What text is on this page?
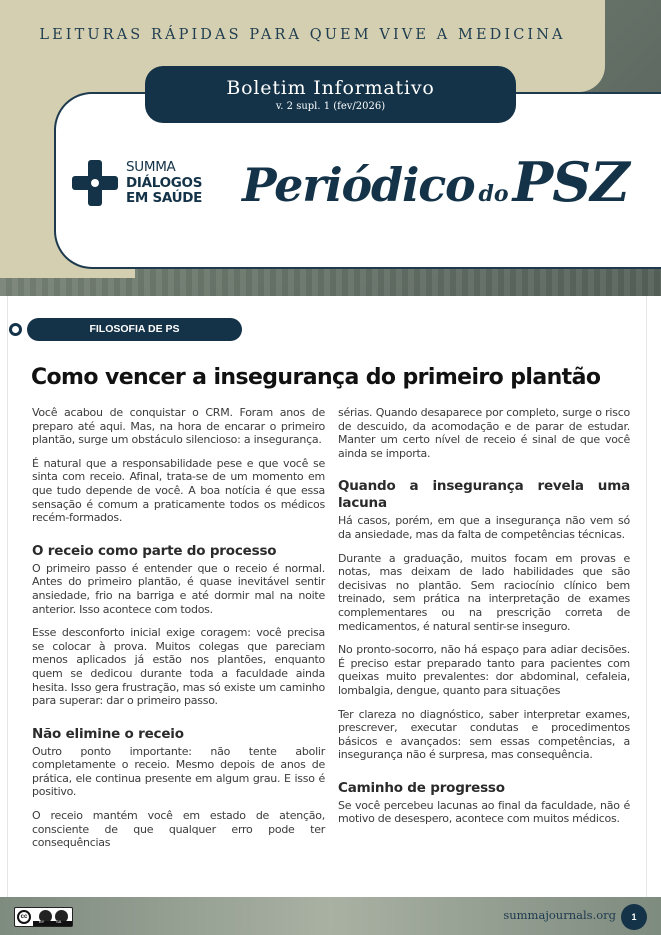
LEITURAS RÁPIDAS PARA QUEM VIVE A MEDICINA
Boletim Informativo
v. 2 supl. 1 (fev/2026)
SUMMA
DIÁLOGOS
EM SAÚDE Periódico doPSZ
FILOSOFIA DE PS
Como vencer a insegurança do primeiro plantão

Você acabou de conquistar o CRM. Foram anos de preparo até aqui. Mas, na hora de encarar o primeiro plantão, surge um obstáculo silencioso: a insegurança.

É natural que a responsabilidade pese e que você se sinta com receio. Afinal, trata-se de um momento em que tudo depende de você. A boa notícia é que essa sensação é comum a praticamente todos os médicos recém-formados.

O receio como parte do processo

O primeiro passo é entender que o receio é normal. Antes do primeiro plantão, é quase inevitável sentir ansiedade, frio na barriga e até dormir mal na noite anterior. Isso acontece com todos.

Esse desconforto inicial exige coragem: você precisa se colocar à prova. Muitos colegas que pareciam menos aplicados já estão nos plantões, enquanto quem se dedicou durante toda a faculdade ainda hesita. Isso gera frustração, mas só existe um caminho para superar: dar o primeiro passo.

Não elimine o receio

Outro ponto importante: não tente abolir completamente o receio. Mesmo depois de anos de prática, ele continua presente em algum grau. E isso é positivo.

O receio mantém você em estado de atenção, consciente de que qualquer erro pode ter consequências

sérias. Quando desaparece por completo, surge o risco de descuido, da acomodação e de parar de estudar. Manter um certo nível de receio é sinal de que você ainda se importa.

Quando a insegurança revela uma lacuna

Há casos, porém, em que a insegurança não vem só da ansiedade, mas da falta de competências técnicas.

Durante a graduação, muitos focam em provas e notas, mas deixam de lado habilidades que são decisivas no plantão. Sem raciocínio clínico bem treinado, sem prática na interpretação de exames complementares ou na prescrição correta de medicamentos, é natural sentir-se inseguro.

No pronto-socorro, não há espaço para adiar decisões. É preciso estar preparado tanto para pacientes com queixas muito prevalentes: dor abdominal, cefaleia, lombalgia, dengue, quanto para situações

Ter clareza no diagnóstico, saber interpretar exames, prescrever, executar condutas e procedimentos básicos e avançados: sem essas competências, a insegurança não é surpresa, mas consequência.

Caminho de progresso

Se você percebeu lacunas ao final da faculdade, não é motivo de desespero, acontece com muitos médicos.

cc
BY	SA	summajournals.org	1
